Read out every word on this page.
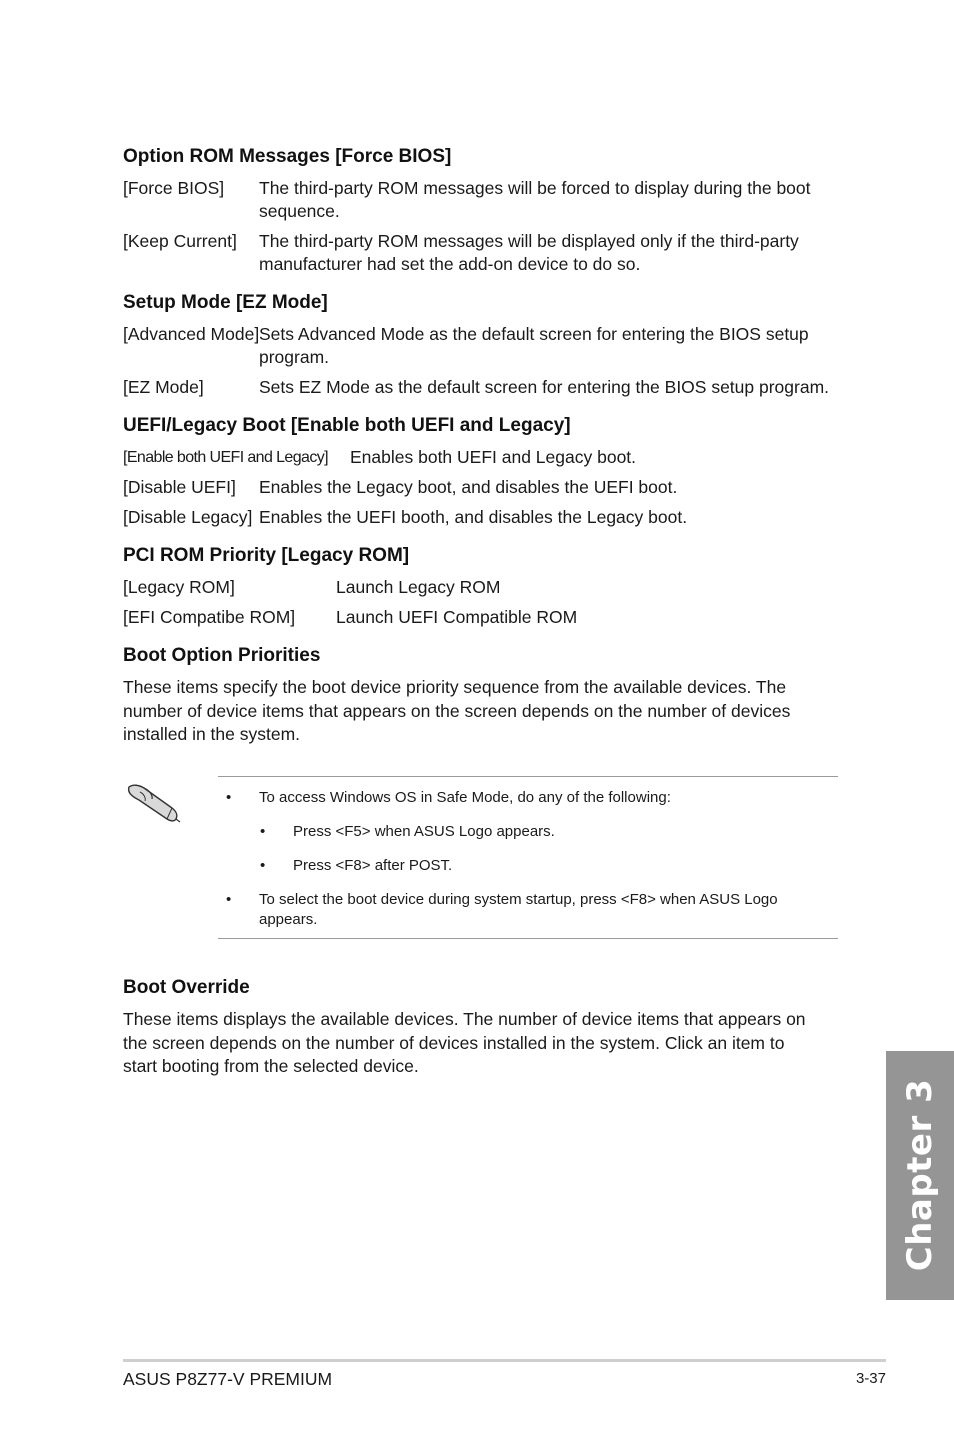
Option ROM Messages [Force BIOS]
[Force BIOS] The third-party ROM messages will be forced to display during the boot sequence.
[Keep Current] The third-party ROM messages will be displayed only if the third-party manufacturer had set the add-on device to do so.
Setup Mode [EZ Mode]
[Advanced Mode] Sets Advanced Mode as the default screen for entering the BIOS setup program.
[EZ Mode]	Sets EZ Mode as the default screen for entering the BIOS setup program.
UEFI/Legacy Boot [Enable both UEFI and Legacy]
[Enable both UEFI and Legacy] Enables both UEFI and Legacy boot.
[Disable UEFI] Enables the Legacy boot, and disables the UEFI boot.
[Disable Legacy] Enables the UEFI booth, and disables the Legacy boot.
PCI ROM Priority [Legacy ROM]
[Legacy ROM]	Launch Legacy ROM
[EFI Compatibe ROM] Launch UEFI Compatible ROM
Boot Option Priorities

These items specify the boot device priority sequence from the available devices. The number of device items that appears on the screen depends on the number of devices installed in the system.

• To access Windows OS in Safe Mode, do any of the following:
• Press <F5> when ASUS Logo appears.
• Press <F8> after POST.
• To select the boot device during system startup, press <F8> when ASUS Logo appears.
Boot Override

These items displays the available devices. The number of device items that appears on the screen depends on the number of devices installed in the system. Click an item to start booting from the selected device.

Chapter 3
ASUS P8Z77-V PREMIUM	3-37
